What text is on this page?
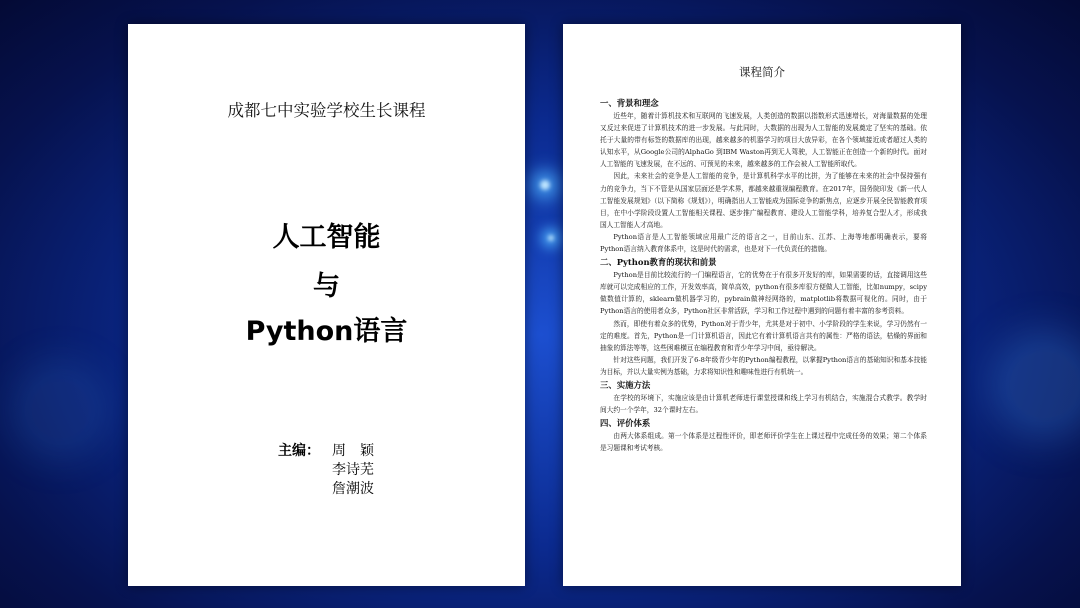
成都七中实验学校生长课程
人工智能
与
Python语言
主编： 周　颖
李诗芜
詹潮波
课程简介
一、背景和理念

近些年，随着计算机技术和互联网的飞速发展，人类创造的数据以指数形式迅速增长，对海量数据的处理又反过来促进了计算机技术的进一步发展。与此同时，大数据的出现为人工智能的发展奠定了坚实的基础。依托于大量的带有标签的数据库的出现，越来越多的机器学习的项目大放异彩，在各个领域接近或者超过人类的认知水平，从Google公司的AlphaGo 到IBM Waston再到无人驾驶，人工智能正在创造一个新的时代。面对人工智能的飞速发展，在不远的、可预见的未来，越来越多的工作会被人工智能所取代。

因此，未来社会的竞争是人工智能的竞争，是计算机科学水平的比拼，为了能够在未来的社会中保持强有力的竞争力，当下不管是从国家层面还是学术界，都越来越重视编程教育。在2017年，国务院印发《新一代人工智能发展规划》（以下简称《规划》），明确指出人工智能成为国际竞争的新焦点，应逐步开展全民智能教育项目，在中小学阶段设置人工智能相关课程、逐步推广编程教育、建设人工智能学科，培养复合型人才，形成我国人工智能人才高地。

Python语言是人工智能领域应用最广泛的语言之一，目前山东、江苏、上海等地都明确表示，要将Python语言纳入教育体系中，这是时代的需求，也是对下一代负责任的措施。

二、Python教育的现状和前景

Python是目前比较流行的一门编程语言，它的优势在于有很多开发好的库，如果需要的话，直接调用这些库就可以完成相应的工作，开发效率高，简单高效，python有很多库很方便做人工智能，比如numpy，scipy做数值计算的，sklearn做机器学习的，pybrain做神经网络的，matplotlib将数据可视化的。同时，由于Python语言的使用者众多，Python社区非常活跃，学习和工作过程中遇到的问题有着丰富的参考资料。

然而，即使有着众多的优势，Python对于青少年，尤其是对于初中、小学阶段的学生来说，学习仍然有一定的难度。首先，Python是一门计算机语言，因此它有着计算机语言共有的属性：严格的语法，枯燥的界面和抽象的算法等等，这些困难横亘在编程教育和青少年学习中间，亟待解决。

针对这些问题，我们开发了6-8年级青少年的Python编程教程，以掌握Python语言的基础知识和基本技能为目标，并以大量实例为基础，力求将知识性和趣味性进行有机统一。

三、实施方法

在学校的环境下，实施应该是由计算机老师进行课堂授课和线上学习有机结合，实施混合式教学。教学时间大约一个学年，32个课时左右。

四、评价体系

由两大体系组成。第一个体系是过程性评价，即老师评价学生在上课过程中完成任务的效果；第二个体系是习题课和考试考核。
